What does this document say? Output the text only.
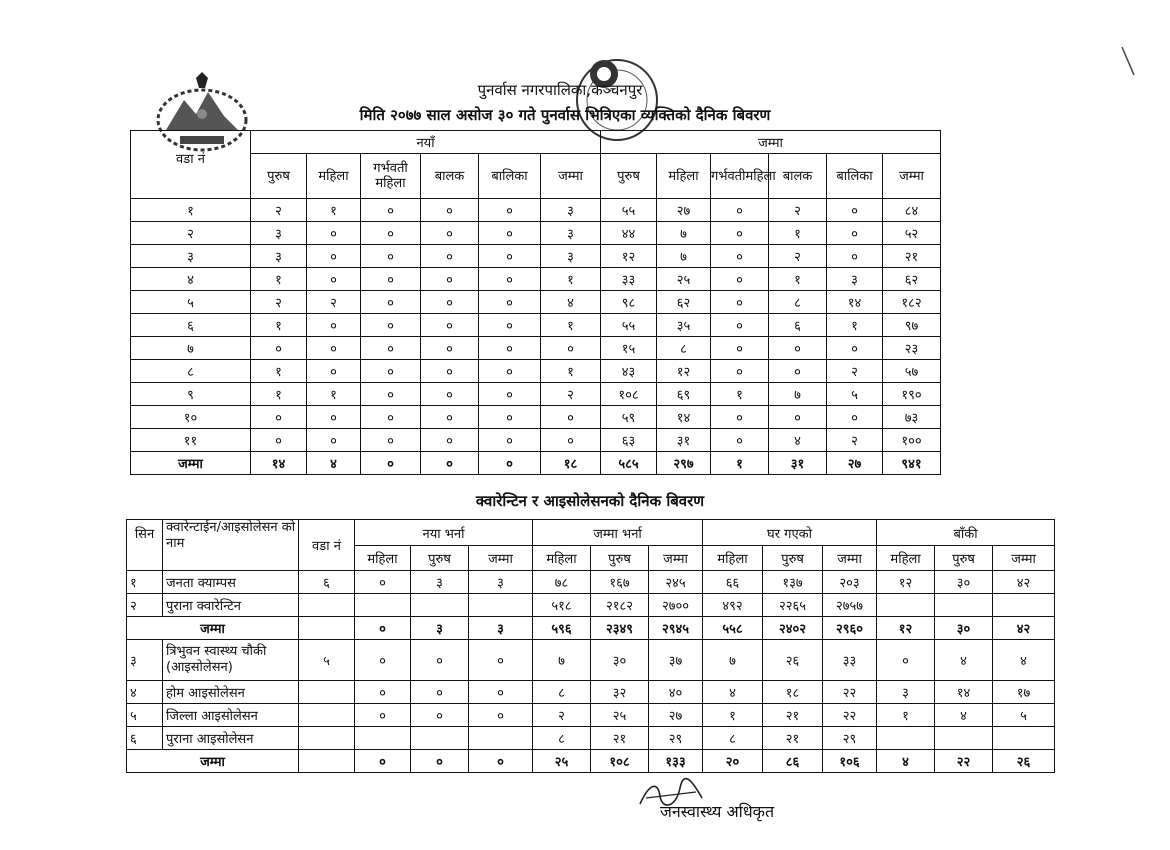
पुनर्वास नगरपालिका,कञ्चनपुर
मिति २०७७ साल असोज ३० गते पुनर्वास भित्रिएका व्यक्तिको दैनिक बिवरण
वडा नं	नयाँ						जम्मा					
	पुरुष	महिला	गर्भवती महिला	बालक	बालिका	जम्मा	पुरुष	महिला	गर्भवतीमहिला	बालक	बालिका	जम्मा
१	२	१	०	०	०	३	५५	२७	०	२	०	८४
२	३	०	०	०	०	३	४४	७	०	१	०	५२
३	३	०	०	०	०	३	१२	७	०	२	०	२१
४	१	०	०	०	०	१	३३	२५	०	१	३	६२
५	२	२	०	०	०	४	९८	६२	०	८	१४	१८२
६	१	०	०	०	०	१	५५	३५	०	६	१	९७
७	०	०	०	०	०	०	१५	८	०	०	०	२३
८	१	०	०	०	०	१	४३	१२	०	०	२	५७
९	१	१	०	०	०	२	१०८	६९	१	७	५	१९०
१०	०	०	०	०	०	०	५९	१४	०	०	०	७३
११	०	०	०	०	०	०	६३	३१	०	४	२	१००
जम्मा	१४	४	०	०	०	१८	५८५	२९७	१	३१	२७	९४१
क्वारेन्टिन र आइसोलेसनको दैनिक बिवरण
सिन	क्वारेन्टाईन/आइसोलेसन को नाम	वडा नं	नया भर्ना			जम्मा भर्ना			घर गएको			बाँकी		
			महिला	पुरुष	जम्मा	महिला	पुरुष	जम्मा	महिला	पुरुष	जम्मा	महिला	पुरुष	जम्मा
१	जनता क्याम्पस	६	०	३	३	७८	१६७	२४५	६६	१३७	२०३	१२	३०	४२
२	पुराना क्वारेन्टिन					५१८	२१८२	२७००	४९२	२२६५	२७५७			
जम्मा			०	३	३	५९६	२३४९	२९४५	५५८	२४०२	२९६०	१२	३०	४२
३	त्रिभुवन स्वास्थ्य चौकी (आइसोलेसन)	५	०	०	०	७	३०	३७	७	२६	३३	०	४	४
४	होम आइसोलेसन		०	०	०	८	३२	४०	४	१८	२२	३	१४	१७
५	जिल्ला आइसोलेसन		०	०	०	२	२५	२७	१	२१	२२	१	४	५
६	पुराना आइसोलेसन					८	२१	२९	८	२१	२९			
जम्मा			०	०	०	२५	१०८	१३३	२०	८६	१०६	४	२२	२६
जनस्वास्थ्य अधिकृत
